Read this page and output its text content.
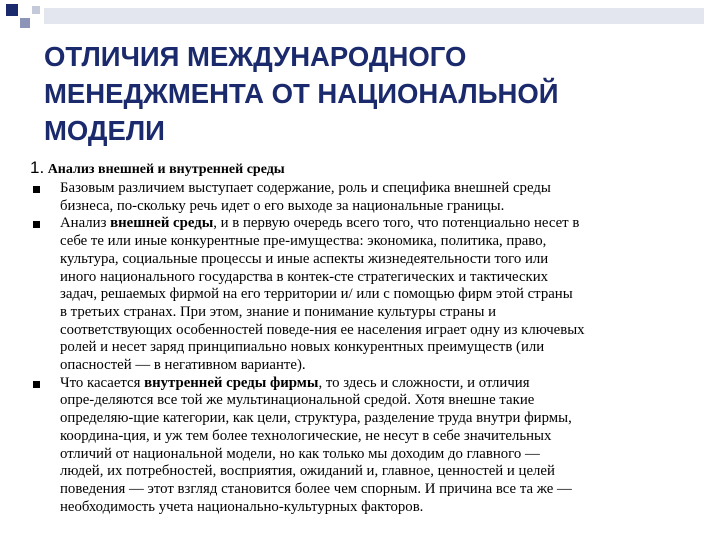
ОТЛИЧИЯ МЕЖДУНАРОДНОГО
МЕНЕДЖМЕНТА ОТ НАЦИОНАЛЬНОЙ
МОДЕЛИ
1. Анализ внешней и внутренней среды
Базовым различием выступает содержание, роль и специфика внешней среды
бизнеса, по-скольку речь идет о его выходе за национальные границы.
Анализ внешней среды, и в первую очередь всего того, что потенциально несет в
себе те или иные конкурентные пре-имущества: экономика, политика, право,
культура, социальные процессы и иные аспекты жизнедеятельности того или
иного национального государства в контек-сте стратегических и тактических
задач, решаемых фирмой на его территории и/ или с помощью фирм этой страны
в третьих странах. При этом, знание и понимание культуры страны и
соответствующих особенностей поведе-ния ее населения играет одну из ключевых
ролей и несет заряд принципиально новых конкурентных преимуществ (или
опасностей — в негативном варианте).
Что касается внутренней среды фирмы, то здесь и сложности, и отличия
опре-деляются все той же мультинациональной средой. Хотя внешне такие
определяю-щие категории, как цели, структура, разделение труда внутри фирмы,
координа-ция, и уж тем более технологические, не несут в себе значительных
отличий от национальной модели, но как только мы доходим до главного —
людей, их потребностей, восприятия, ожиданий и, главное, ценностей и целей
поведения — этот взгляд становится более чем спорным. И причина все та же —
необходимость учета национально-культурных факторов.
